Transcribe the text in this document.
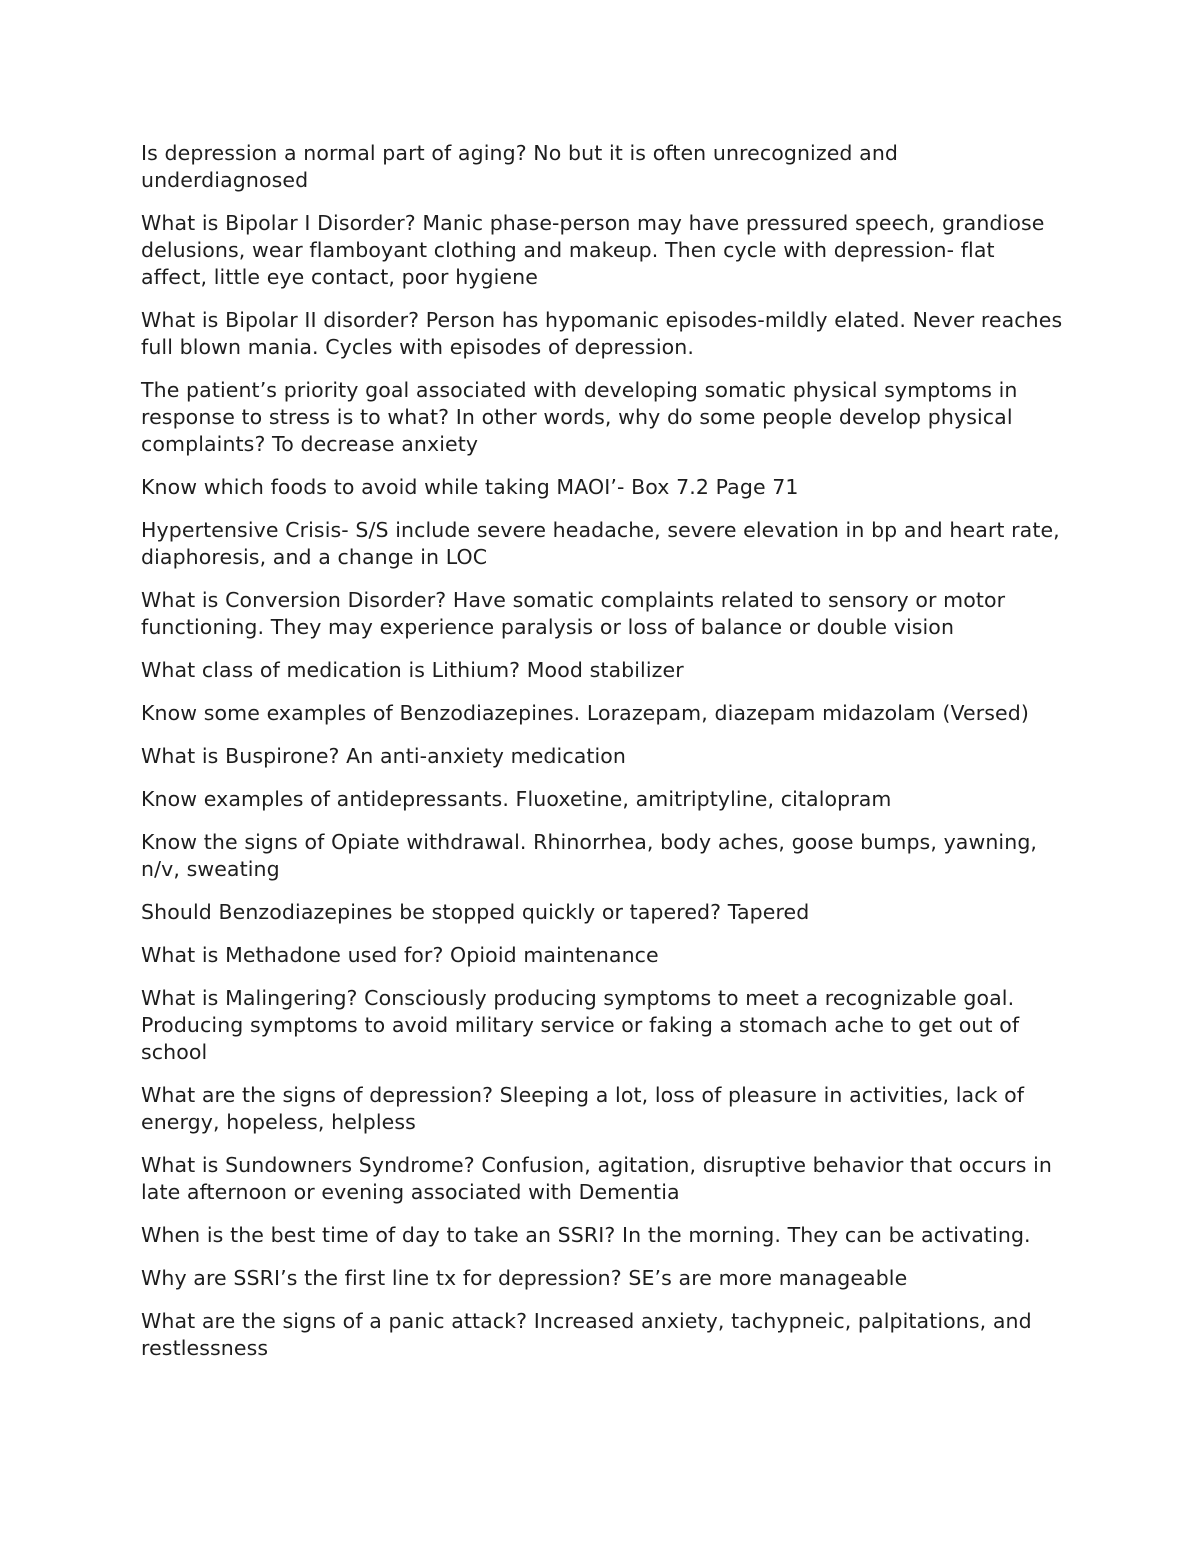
Is depression a normal part of aging? No but it is often unrecognized and underdiagnosed

What is Bipolar I Disorder? Manic phase-person may have pressured speech, grandiose delusions, wear flamboyant clothing and makeup. Then cycle with depression- flat affect, little eye contact, poor hygiene

What is Bipolar II disorder? Person has hypomanic episodes-mildly elated. Never reaches full blown mania. Cycles with episodes of depression.

The patient’s priority goal associated with developing somatic physical symptoms in response to stress is to what? In other words, why do some people develop physical complaints? To decrease anxiety

Know which foods to avoid while taking MAOI’- Box 7.2 Page 71

Hypertensive Crisis- S/S include severe headache, severe elevation in bp and heart rate, diaphoresis, and a change in LOC

What is Conversion Disorder? Have somatic complaints related to sensory or motor functioning. They may experience paralysis or loss of balance or double vision

What class of medication is Lithium? Mood stabilizer

Know some examples of Benzodiazepines. Lorazepam, diazepam midazolam (Versed)

What is Buspirone? An anti-anxiety medication

Know examples of antidepressants. Fluoxetine, amitriptyline, citalopram

Know the signs of Opiate withdrawal. Rhinorrhea, body aches, goose bumps, yawning, n/v, sweating

Should Benzodiazepines be stopped quickly or tapered? Tapered

What is Methadone used for? Opioid maintenance

What is Malingering? Consciously producing symptoms to meet a recognizable goal. Producing symptoms to avoid military service or faking a stomach ache to get out of school

What are the signs of depression? Sleeping a lot, loss of pleasure in activities, lack of energy, hopeless, helpless

What is Sundowners Syndrome? Confusion, agitation, disruptive behavior that occurs in late afternoon or evening associated with Dementia

When is the best time of day to take an SSRI? In the morning. They can be activating.

Why are SSRI’s the first line tx for depression? SE’s are more manageable

What are the signs of a panic attack? Increased anxiety, tachypneic, palpitations, and restlessness
